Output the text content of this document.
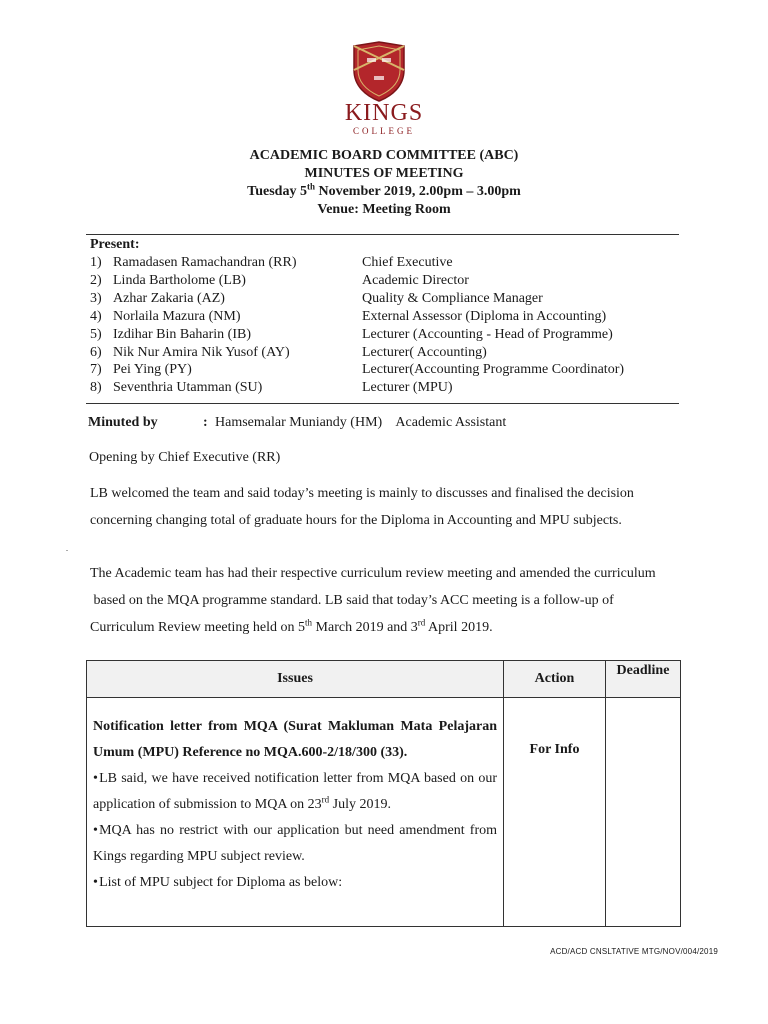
KINGS
COLLEGE
ACADEMIC BOARD COMMITTEE (ABC)
MINUTES OF MEETING
Tuesday 5th November 2019, 2.00pm – 3.00pm
Venue: Meeting Room
Present:
1) Ramadasen Ramachandran (RR)	Chief Executive
2) Linda Bartholome (LB)	Academic Director
3) Azhar Zakaria (AZ)	Quality & Compliance Manager
4) Norlaila Mazura (NM)	External Assessor (Diploma in Accounting)
5) Izdihar Bin Baharin (IB)	Lecturer (Accounting - Head of Programme)
6) Nik Nur Amira Nik Yusof (AY)	Lecturer( Accounting)
7) Pei Ying (PY)	Lecturer(Accounting Programme Coordinator)
8) Seventhria Utamman (SU)	Lecturer (MPU)
Minuted by	: Hamsemalar Muniandy (HM)    Academic Assistant
Opening by Chief Executive (RR)
LB welcomed the team and said today’s meeting is mainly to discusses and finalised the decision
concerning changing total of graduate hours for the Diploma in Accounting and MPU subjects.
.
The Academic team has had their respective curriculum review meeting and amended the curriculum
based on the MQA programme standard. LB said that today’s ACC meeting is a follow-up of
Curriculum Review meeting held on 5th March 2019 and 3rd April 2019.
Issues	Action	Deadline

Notification letter from MQA (Surat Makluman Mata Pelajaran Umum (MPU) Reference no MQA.600-2/18/300 (33).
• LB said, we have received notification letter from MQA based on our application of submission to MQA on 23rd July 2019.
• MQA has no restrict with our application but need amendment from Kings regarding MPU subject review.
• List of MPU subject for Diploma as below:	For Info	
ACD/ACD CNSLTATIVE MTG/NOV/004/2019
